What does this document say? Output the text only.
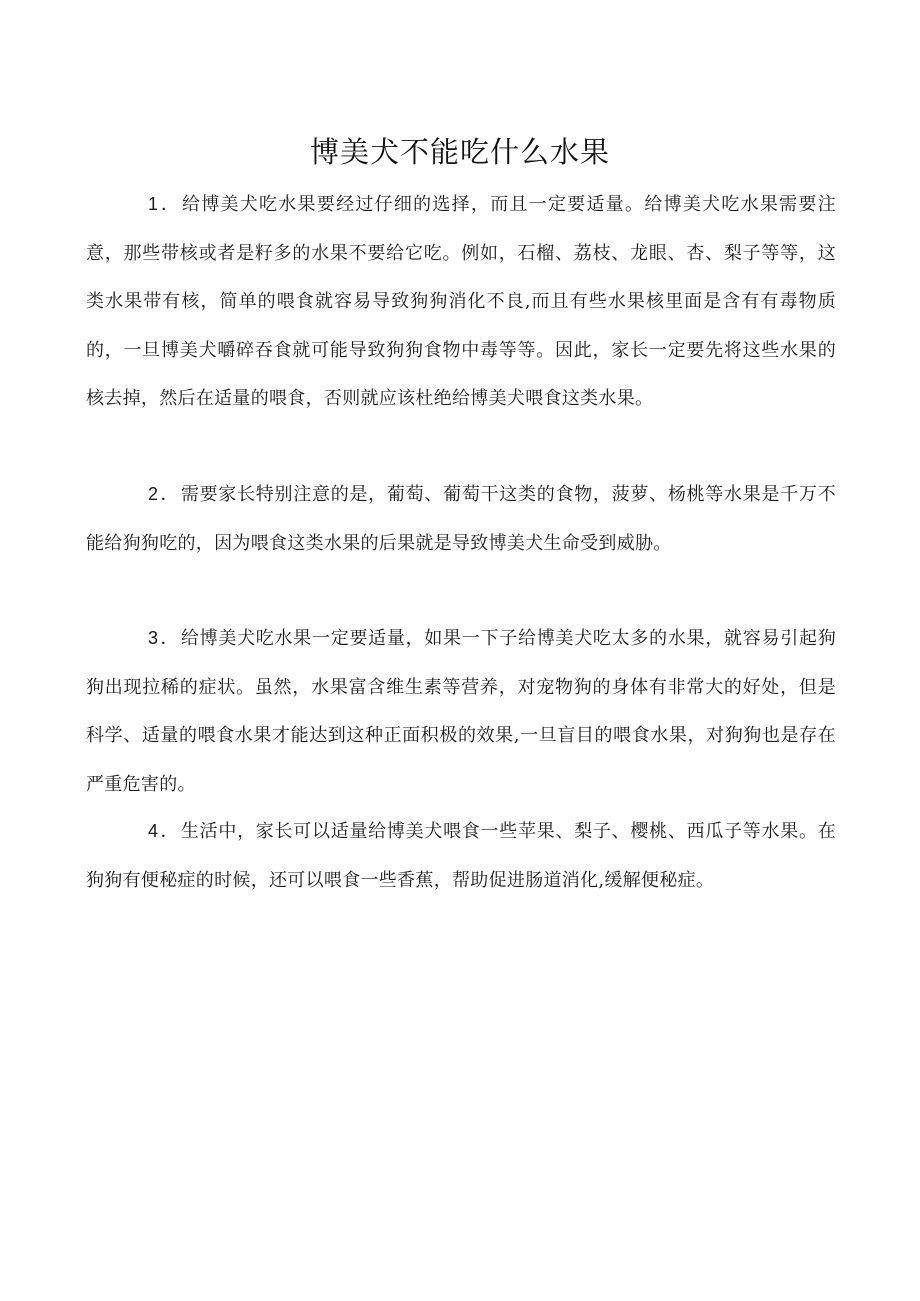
博美犬不能吃什么水果

1．给博美犬吃水果要经过仔细的选择，而且一定要适量。给博美犬吃水果需要注意，那些带核或者是籽多的水果不要给它吃。例如，石榴、荔枝、龙眼、杏、梨子等等，这类水果带有核，简单的喂食就容易导致狗狗消化不良,而且有些水果核里面是含有有毒物质的，一旦博美犬嚼碎吞食就可能导致狗狗食物中毒等等。因此，家长一定要先将这些水果的核去掉，然后在适量的喂食，否则就应该杜绝给博美犬喂食这类水果。

2．需要家长特别注意的是，葡萄、葡萄干这类的食物，菠萝、杨桃等水果是千万不能给狗狗吃的，因为喂食这类水果的后果就是导致博美犬生命受到威胁。

3．给博美犬吃水果一定要适量，如果一下子给博美犬吃太多的水果，就容易引起狗狗出现拉稀的症状。虽然，水果富含维生素等营养，对宠物狗的身体有非常大的好处，但是科学、适量的喂食水果才能达到这种正面积极的效果,一旦盲目的喂食水果，对狗狗也是存在严重危害的。

4．生活中，家长可以适量给博美犬喂食一些苹果、梨子、樱桃、西瓜子等水果。在狗狗有便秘症的时候，还可以喂食一些香蕉，帮助促进肠道消化,缓解便秘症。
